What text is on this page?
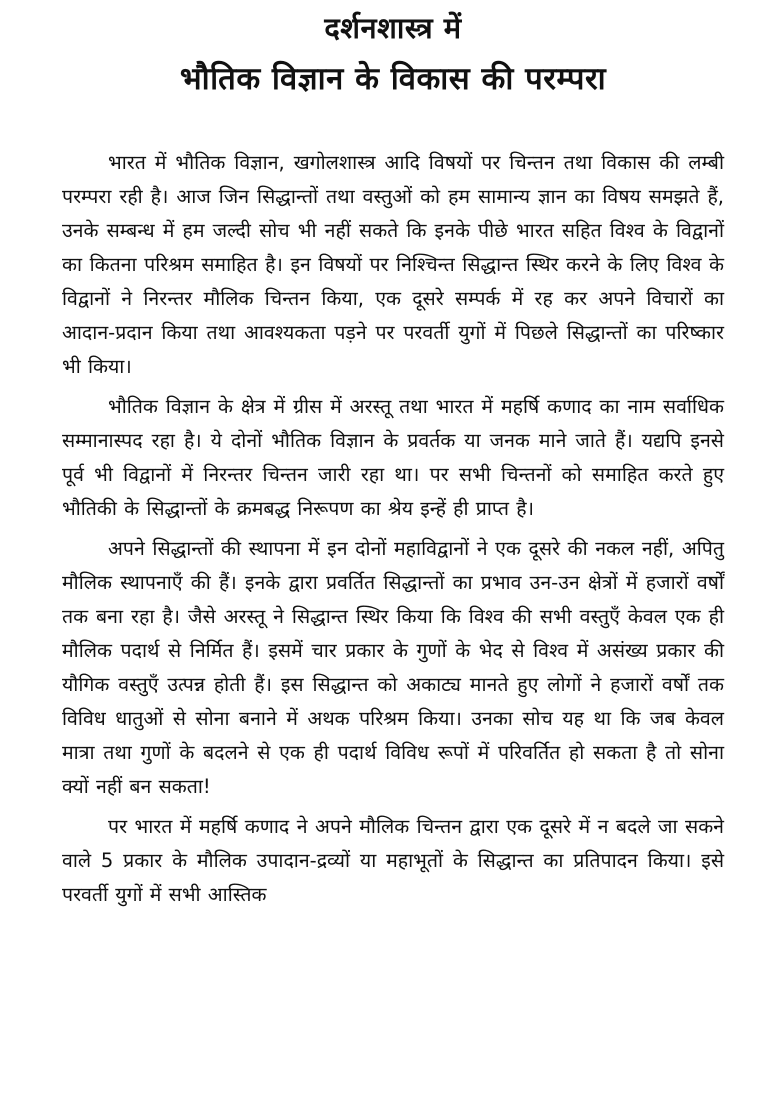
दर्शनशास्त्र में
भौतिक विज्ञान के विकास की परम्परा

भारत में भौतिक विज्ञान, खगोलशास्त्र आदि विषयों पर चिन्तन तथा विकास की लम्बी परम्परा रही है। आज जिन सिद्धान्तों तथा वस्तुओं को हम सामान्य ज्ञान का विषय समझते हैं, उनके सम्बन्ध में हम जल्दी सोच भी नहीं सकते कि इनके पीछे भारत सहित विश्व के विद्वानों का कितना परिश्रम समाहित है। इन विषयों पर निश्चिन्त सिद्धान्त स्थिर करने के लिए विश्व के विद्वानों ने निरन्तर मौलिक चिन्तन किया, एक दूसरे सम्पर्क में रह कर अपने विचारों का आदान-प्रदान किया तथा आवश्यकता पड़ने पर परवर्ती युगों में पिछले सिद्धान्तों का परिष्कार भी किया।

भौतिक विज्ञान के क्षेत्र में ग्रीस में अरस्तू तथा भारत में महर्षि कणाद का नाम सर्वाधिक सम्मानास्पद रहा है। ये दोनों भौतिक विज्ञान के प्रवर्तक या जनक माने जाते हैं। यद्यपि इनसे पूर्व भी विद्वानों में निरन्तर चिन्तन जारी रहा था। पर सभी चिन्तनों को समाहित करते हुए भौतिकी के सिद्धान्तों के क्रमबद्ध निरूपण का श्रेय इन्हें ही प्राप्त है।

अपने सिद्धान्तों की स्थापना में इन दोनों महाविद्वानों ने एक दूसरे की नकल नहीं, अपितु मौलिक स्थापनाएँ की हैं। इनके द्वारा प्रवर्तित सिद्धान्तों का प्रभाव उन-उन क्षेत्रों में हजारों वर्षों तक बना रहा है। जैसे अरस्तू ने सिद्धान्त स्थिर किया कि विश्व की सभी वस्तुएँ केवल एक ही मौलिक पदार्थ से निर्मित हैं। इसमें चार प्रकार के गुणों के भेद से विश्व में असंख्य प्रकार की यौगिक वस्तुएँ उत्पन्न होती हैं। इस सिद्धान्त को अकाट्य मानते हुए लोगों ने हजारों वर्षों तक विविध धातुओं से सोना बनाने में अथक परिश्रम किया। उनका सोच यह था कि जब केवल मात्रा तथा गुणों के बदलने से एक ही पदार्थ विविध रूपों में परिवर्तित हो सकता है तो सोना क्यों नहीं बन सकता!

पर भारत में महर्षि कणाद ने अपने मौलिक चिन्तन द्वारा एक दूसरे में न बदले जा सकने वाले 5 प्रकार के मौलिक उपादान-द्रव्यों या महाभूतों के सिद्धान्त का प्रतिपादन किया। इसे परवर्ती युगों में सभी आस्तिक
